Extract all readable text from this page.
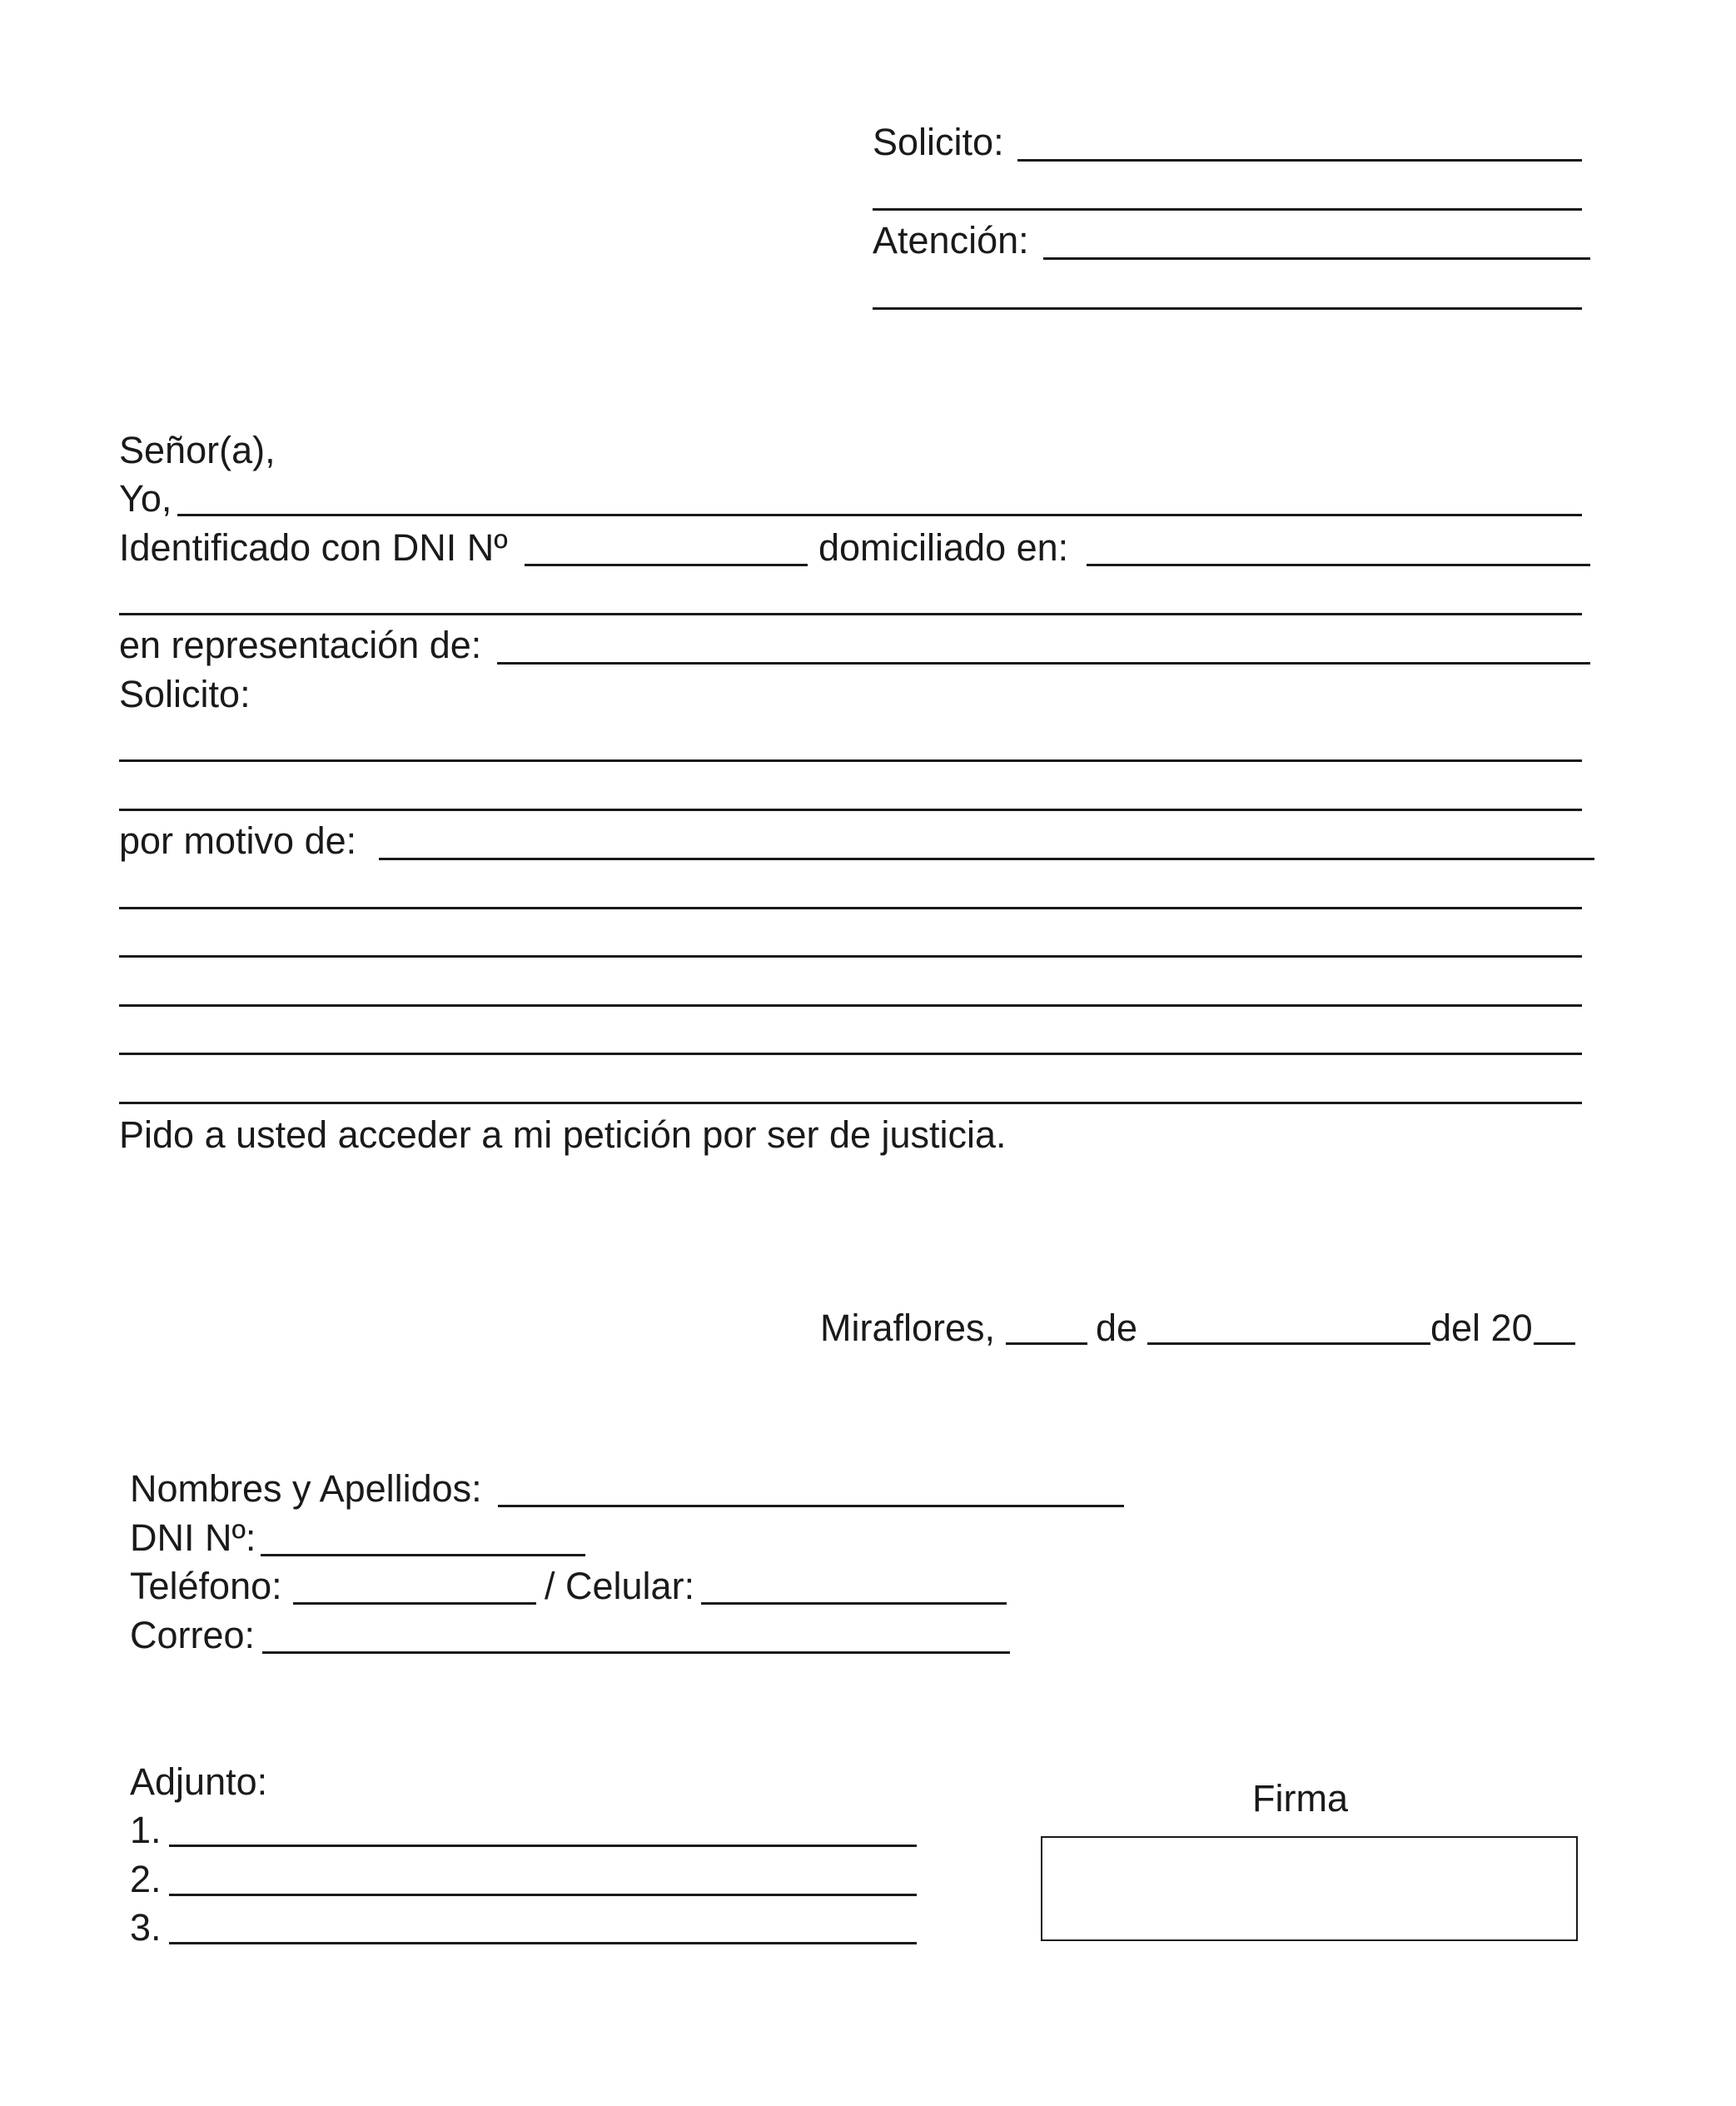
Solicito:
Atención:
Señor(a),
Yo,
Identificado con DNI Nº	domiciliado en:
en representación de:
Solicito:
por motivo de:
Pido a usted acceder a mi petición por ser de justicia.
Miraflores,	de	del 20
Nombres y Apellidos:
DNI Nº:
Teléfono:	/ Celular:
Correo:
Adjunto:
1.
2.
3.
Firma
